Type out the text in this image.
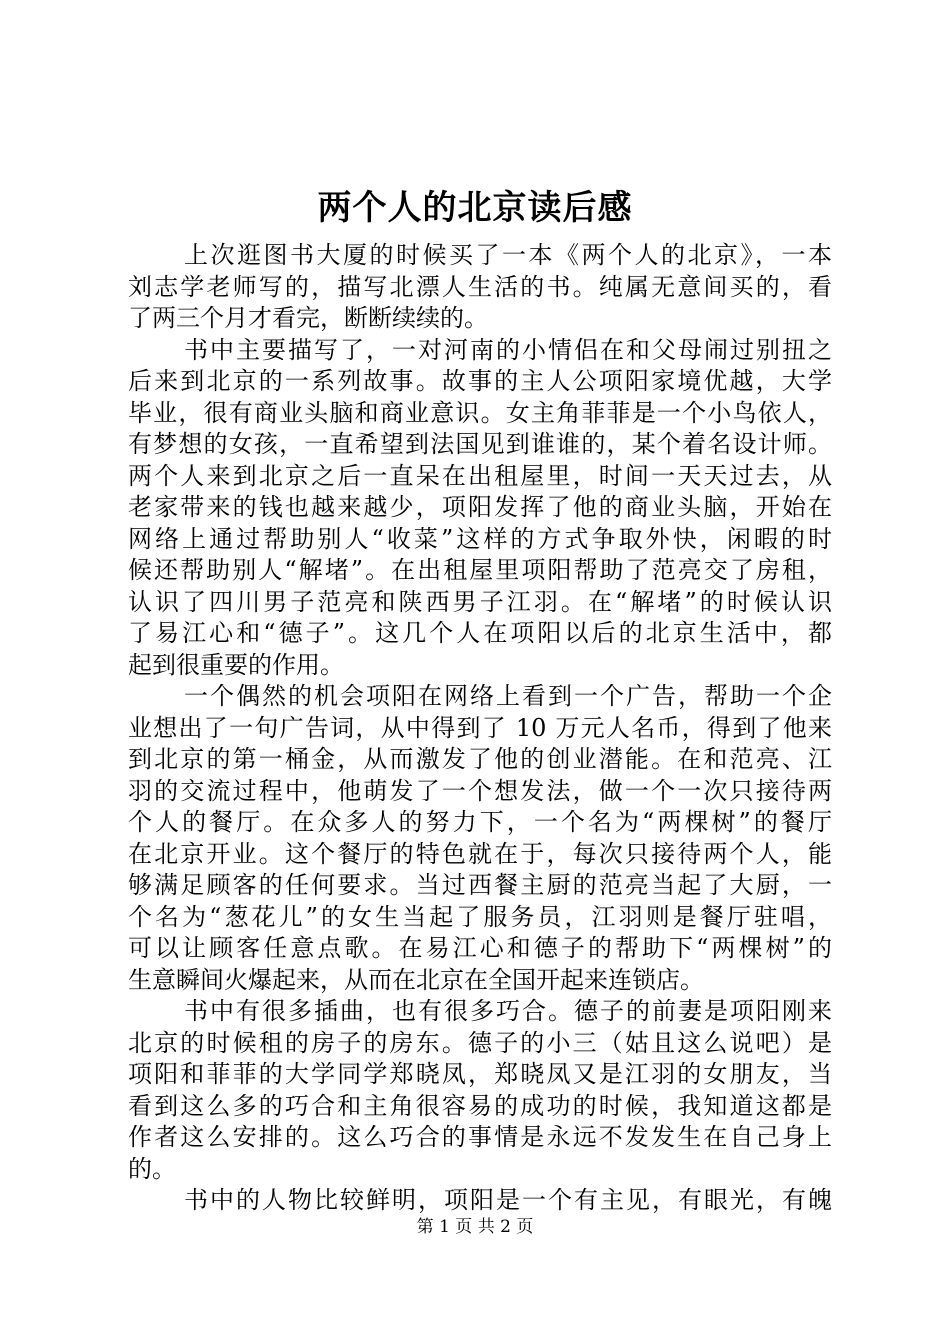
两个人的北京读后感
上次逛图书大厦的时候买了一本《两个人的北京》，一本
刘志学老师写的，描写北漂人生活的书。纯属无意间买的，看
了两三个月才看完，断断续续的。
书中主要描写了，一对河南的小情侣在和父母闹过别扭之
后来到北京的一系列故事。故事的主人公项阳家境优越，大学
毕业，很有商业头脑和商业意识。女主角菲菲是一个小鸟依人，
有梦想的女孩，一直希望到法国见到谁谁的，某个着名设计师。
两个人来到北京之后一直呆在出租屋里，时间一天天过去，从
老家带来的钱也越来越少，项阳发挥了他的商业头脑，开始在
网络上通过帮助别人“收菜”这样的方式争取外快，闲暇的时
候还帮助别人“解堵”。在出租屋里项阳帮助了范亮交了房租，
认识了四川男子范亮和陕西男子江羽。在“解堵”的时候认识
了易江心和“德子”。这几个人在项阳以后的北京生活中，都
起到很重要的作用。
一个偶然的机会项阳在网络上看到一个广告，帮助一个企
业想出了一句广告词，从中得到了 10 万元人名币，得到了他来
到北京的第一桶金，从而激发了他的创业潜能。在和范亮、江
羽的交流过程中，他萌发了一个想发法，做一个一次只接待两
个人的餐厅。在众多人的努力下，一个名为“两棵树”的餐厅
在北京开业。这个餐厅的特色就在于，每次只接待两个人，能
够满足顾客的任何要求。当过西餐主厨的范亮当起了大厨，一
个名为“葱花儿”的女生当起了服务员，江羽则是餐厅驻唱，
可以让顾客任意点歌。在易江心和德子的帮助下“两棵树”的
生意瞬间火爆起来，从而在北京在全国开起来连锁店。
书中有很多插曲，也有很多巧合。德子的前妻是项阳刚来
北京的时候租的房子的房东。德子的小三（姑且这么说吧）是
项阳和菲菲的大学同学郑晓凤，郑晓凤又是江羽的女朋友，当
看到这么多的巧合和主角很容易的成功的时候，我知道这都是
作者这么安排的。这么巧合的事情是永远不发发生在自己身上
的。
书中的人物比较鲜明，项阳是一个有主见，有眼光，有魄
第 1 页 共 2 页
